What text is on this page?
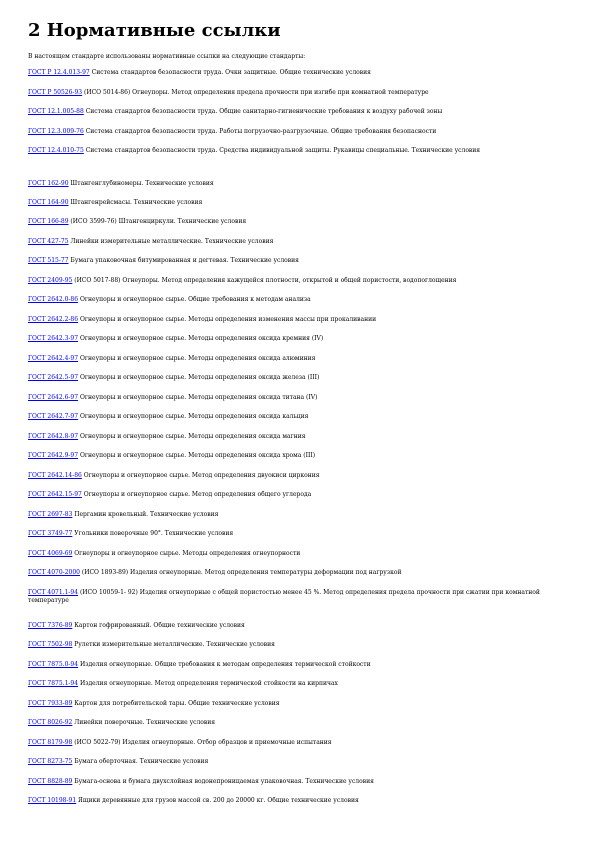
2 Нормативные ссылки
В настоящем стандарте использованы нормативные ссылки на следующие стандарты:
ГОСТ Р 12.4.013-97 Система стандартов безопасности труда. Очки защитные. Общие технические условия
ГОСТ Р 50526-93 (ИСО 5014-86) Огнеупоры. Метод определения предела прочности при изгибе при комнатной температуре
ГОСТ 12.1.005-88 Система стандартов безопасности труда. Общие санитарно-гигиенические требования к воздуху рабочей зоны
ГОСТ 12.3.009-76 Система стандартов безопасности труда. Работы погрузочно-разгрузочные. Общие требования безопасности
ГОСТ 12.4.010-75 Система стандартов безопасности труда. Средства индивидуальной защиты. Рукавицы специальные. Технические условия
ГОСТ 162-90 Штангенглубиномеры. Технические условия
ГОСТ 164-90 Штангенрейсмасы. Технические условия
ГОСТ 166-89 (ИСО 3599-76) Штангенциркули. Технические условия
ГОСТ 427-75 Линейки измерительные металлические. Технические условия
ГОСТ 515-77 Бумага упаковочная битумированная и дегтевая. Технические условия
ГОСТ 2409-95 (ИСО 5017-88) Огнеупоры. Метод определения кажущейся плотности, открытой и общей пористости, водопоглощения
ГОСТ 2642.0-86 Огнеупоры и огнеупорное сырье. Общие требования к методам анализа
ГОСТ 2642.2-86 Огнеупоры и огнеупорное сырье. Методы определения изменения массы при прокаливании
ГОСТ 2642.3-97 Огнеупоры и огнеупорное сырье. Методы определения оксида кремния (IV)
ГОСТ 2642.4-97 Огнеупоры и огнеупорное сырье. Методы определения оксида алюминия
ГОСТ 2642.5-97 Огнеупоры и огнеупорное сырье. Методы определения оксида железа (III)
ГОСТ 2642.6-97 Огнеупоры и огнеупорное сырье. Методы определения оксида титана (IV)
ГОСТ 2642.7-97 Огнеупоры и огнеупорное сырье. Методы определения оксида кальция
ГОСТ 2642.8-97 Огнеупоры и огнеупорное сырье. Методы определения оксида магния
ГОСТ 2642.9-97 Огнеупоры и огнеупорное сырье. Методы определения оксида хрома (III)
ГОСТ 2642.14-86 Огнеупоры и огнеупорное сырье. Метод определения двуокиси циркония
ГОСТ 2642.15-97 Огнеупоры и огнеупорное сырье. Метод определения общего углерода
ГОСТ 2697-83 Пергамин кровельный. Технические условия
ГОСТ 3749-77 Угольники поверочные 90°. Технические условия
ГОСТ 4069-69 Огнеупоры и огнеупорное сырье. Методы определения огнеупорности
ГОСТ 4070-2000 (ИСО 1893-89) Изделия огнеупорные. Метод определения температуры деформации под нагрузкой
ГОСТ 4071.1-94 (ИСО 10059-1- 92) Изделия огнеупорные с общей пористостью менее 45 %. Метод определения предела прочности при сжатии при комнатной температуре
ГОСТ 7376-89 Картон гофрированный. Общие технические условия
ГОСТ 7502-98 Рулетки измерительные металлические. Технические условия
ГОСТ 7875.0-94 Изделия огнеупорные. Общие требования к методам определения термической стойкости
ГОСТ 7875.1-94 Изделия огнеупорные. Метод определения термической стойкости на кирпичах
ГОСТ 7933-89 Картон для потребительской тары. Общие технические условия
ГОСТ 8026-92 Линейки поверочные. Технические условия
ГОСТ 8179-98 (ИСО 5022-79) Изделия огнеупорные. Отбор образцов и приемочные испытания
ГОСТ 8273-75 Бумага оберточная. Технические условия
ГОСТ 8828-89 Бумага-основа и бумага двухслойная водонепроницаемая упаковочная. Технические условия
ГОСТ 10198-91 Ящики деревянные для грузов массой св. 200 до 20000 кг. Общие технические условия
